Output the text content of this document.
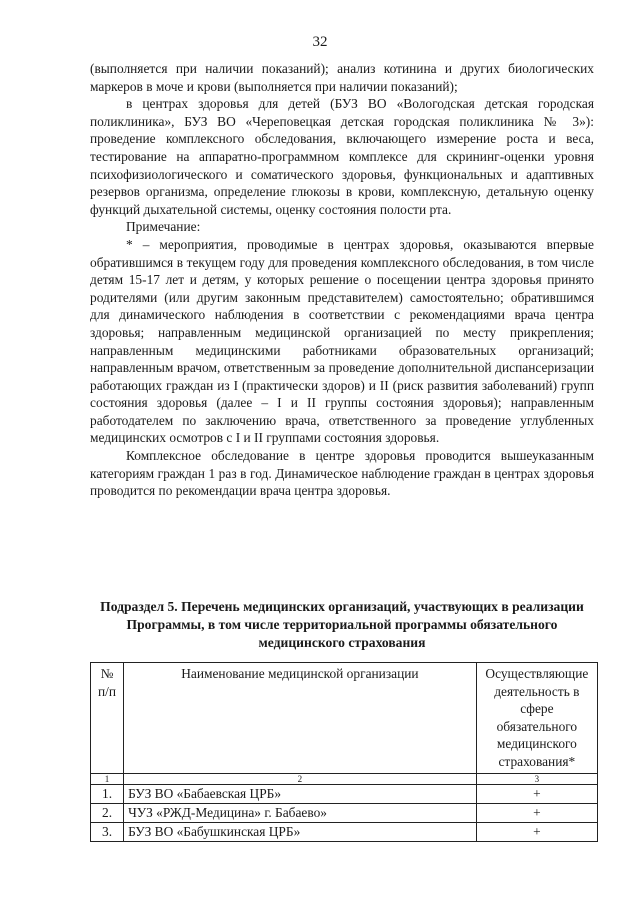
32

(выполняется при наличии показаний); анализ котинина и других биологических маркеров в моче и крови (выполняется при наличии показаний);

в центрах здоровья для детей (БУЗ ВО «Вологодская детская городская поликлиника», БУЗ ВО «Череповецкая детская городская поликлиника № 3»): проведение комплексного обследования, включающего измерение роста и веса, тестирование на аппаратно-программном комплексе для скрининг-оценки уровня психофизиологического и соматического здоровья, функциональных и адаптивных резервов организма, определение глюкозы в крови, комплексную, детальную оценку функций дыхательной системы, оценку состояния полости рта.

Примечание:

* – мероприятия, проводимые в центрах здоровья, оказываются впервые обратившимся в текущем году для проведения комплексного обследования, в том числе детям 15-17 лет и детям, у которых решение о посещении центра здоровья принято родителями (или другим законным представителем) самостоятельно; обратившимся для динамического наблюдения в соответствии с рекомендациями врача центра здоровья; направленным медицинской организацией по месту прикрепления; направленным медицинскими работниками образовательных организаций; направленным врачом, ответственным за проведение дополнительной диспансеризации работающих граждан из I (практически здоров) и II (риск развития заболеваний) групп состояния здоровья (далее – I и II группы состояния здоровья); направленным работодателем по заключению врача, ответственного за проведение углубленных медицинских осмотров с I и II группами состояния здоровья.

Комплексное обследование в центре здоровья проводится вышеуказанным категориям граждан 1 раз в год. Динамическое наблюдение граждан в центрах здоровья проводится по рекомендации врача центра здоровья.

Подраздел 5. Перечень медицинских организаций, участвующих в реализации Программы, в том числе территориальной программы обязательного медицинского страхования
№ п/п	Наименование медицинской организации	Осуществляющие деятельность в сфере обязательного медицинского страхования*
1	2	3
1.	БУЗ ВО «Бабаевская ЦРБ»	+
2.	ЧУЗ «РЖД-Медицина» г. Бабаево»	+
3.	БУЗ ВО «Бабушкинская ЦРБ»	+
